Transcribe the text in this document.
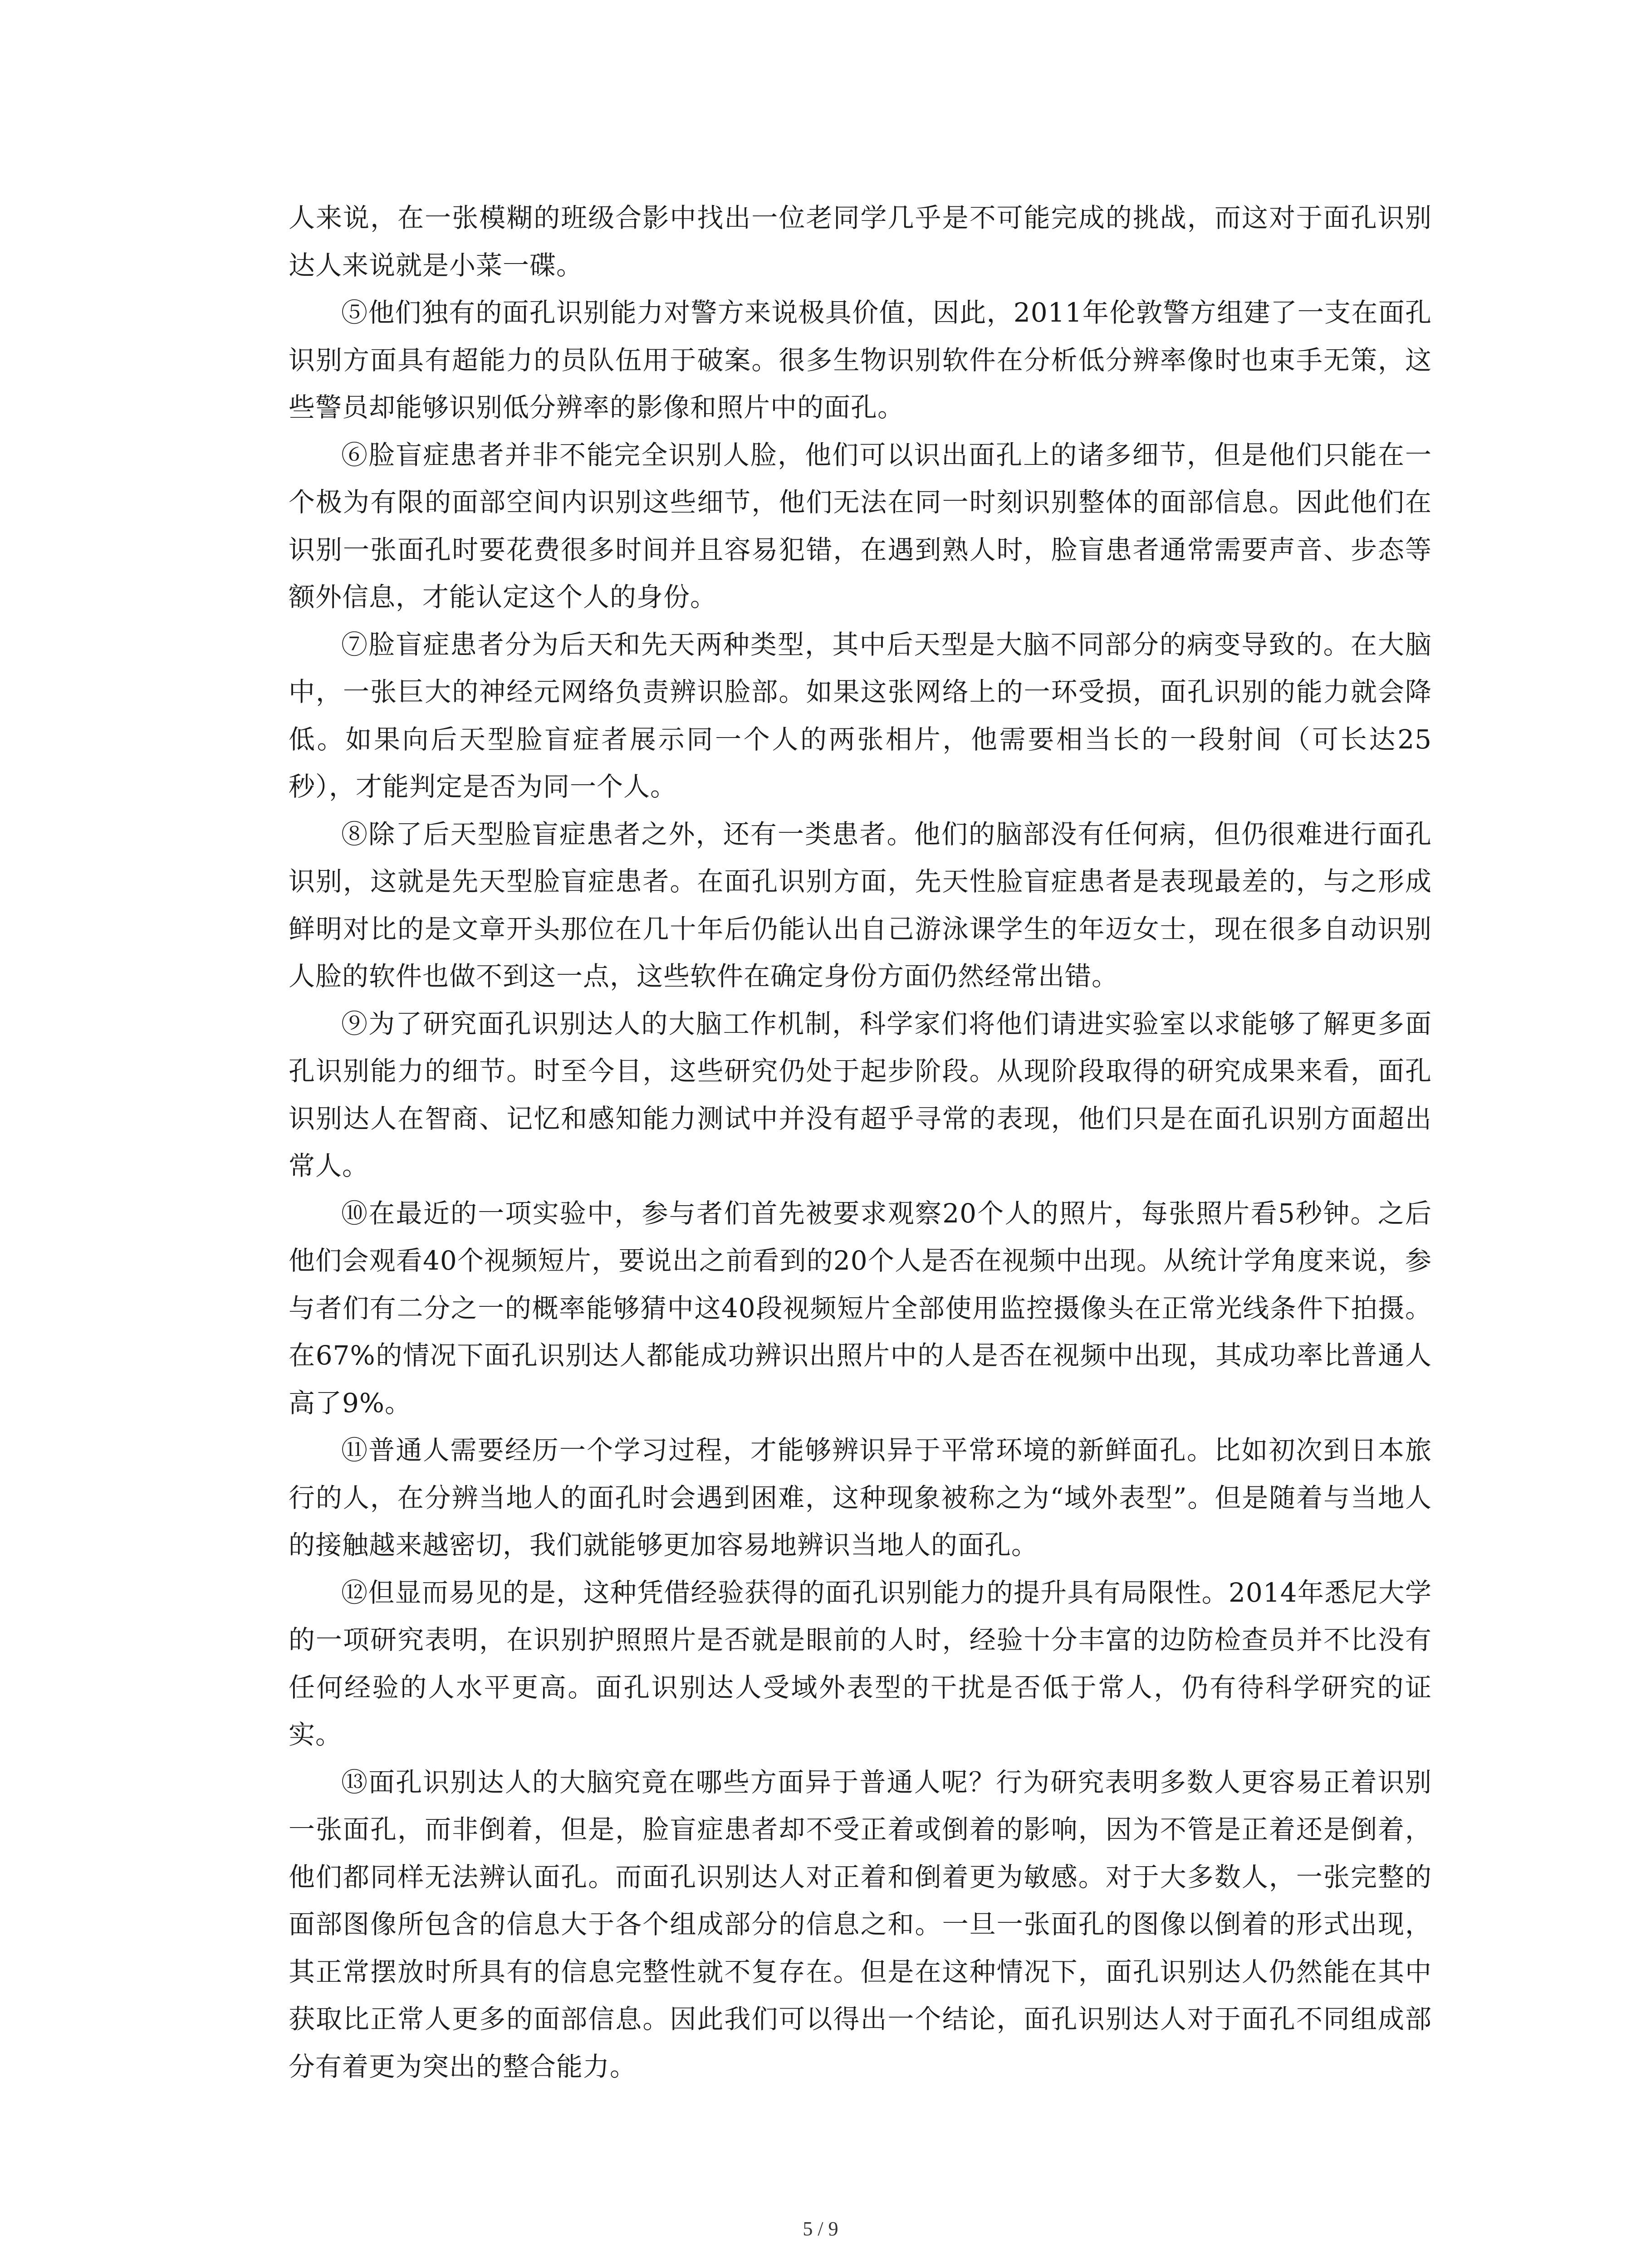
人来说，在一张模糊的班级合影中找出一位老同学几乎是不可能完成的挑战，而这对于面孔识别达人来说就是小菜一碟。

⑤他们独有的面孔识别能力对警方来说极具价值，因此，2011年伦敦警方组建了一支在面孔识别方面具有超能力的员队伍用于破案。很多生物识别软件在分析低分辨率像时也束手无策，这些警员却能够识别低分辨率的影像和照片中的面孔。

⑥脸盲症患者并非不能完全识别人脸，他们可以识出面孔上的诸多细节，但是他们只能在一个极为有限的面部空间内识别这些细节，他们无法在同一时刻识别整体的面部信息。因此他们在识别一张面孔时要花费很多时间并且容易犯错，在遇到熟人时，脸盲患者通常需要声音、步态等额外信息，才能认定这个人的身份。

⑦脸盲症患者分为后天和先天两种类型，其中后天型是大脑不同部分的病变导致的。在大脑中，一张巨大的神经元网络负责辨识脸部。如果这张网络上的一环受损，面孔识别的能力就会降低。如果向后天型脸盲症者展示同一个人的两张相片，他需要相当长的一段射间（可长达25秒），才能判定是否为同一个人。

⑧除了后天型脸盲症患者之外，还有一类患者。他们的脑部没有任何病，但仍很难进行面孔识别，这就是先天型脸盲症患者。在面孔识别方面，先天性脸盲症患者是表现最差的，与之形成鲜明对比的是文章开头那位在几十年后仍能认出自己游泳课学生的年迈女士，现在很多自动识别人脸的软件也做不到这一点，这些软件在确定身份方面仍然经常出错。

⑨为了研究面孔识别达人的大脑工作机制，科学家们将他们请进实验室以求能够了解更多面孔识别能力的细节。时至今目，这些研究仍处于起步阶段。从现阶段取得的研究成果来看，面孔识别达人在智商、记忆和感知能力测试中并没有超乎寻常的表现，他们只是在面孔识别方面超出常人。

⑩在最近的一项实验中，参与者们首先被要求观察20个人的照片，每张照片看5秒钟。之后他们会观看40个视频短片，要说出之前看到的20个人是否在视频中出现。从统计学角度来说，参与者们有二分之一的概率能够猜中这40段视频短片全部使用监控摄像头在正常光线条件下拍摄。在67%的情况下面孔识别达人都能成功辨识出照片中的人是否在视频中出现，其成功率比普通人高了9%。

⑪普通人需要经历一个学习过程，才能够辨识异于平常环境的新鲜面孔。比如初次到日本旅行的人，在分辨当地人的面孔时会遇到困难，这种现象被称之为“域外表型”。但是随着与当地人的接触越来越密切，我们就能够更加容易地辨识当地人的面孔。

⑫但显而易见的是，这种凭借经验获得的面孔识别能力的提升具有局限性。2014年悉尼大学的一项研究表明，在识别护照照片是否就是眼前的人时，经验十分丰富的边防检查员并不比没有任何经验的人水平更高。面孔识别达人受域外表型的干扰是否低于常人，仍有待科学研究的证实。

⑬面孔识别达人的大脑究竟在哪些方面异于普通人呢？行为研究表明多数人更容易正着识别一张面孔，而非倒着，但是，脸盲症患者却不受正着或倒着的影响，因为不管是正着还是倒着，他们都同样无法辨认面孔。而面孔识别达人对正着和倒着更为敏感。对于大多数人，一张完整的面部图像所包含的信息大于各个组成部分的信息之和。一旦一张面孔的图像以倒着的形式出现，其正常摆放时所具有的信息完整性就不复存在。但是在这种情况下，面孔识别达人仍然能在其中获取比正常人更多的面部信息。因此我们可以得出一个结论，面孔识别达人对于面孔不同组成部分有着更为突出的整合能力。

5 / 9
